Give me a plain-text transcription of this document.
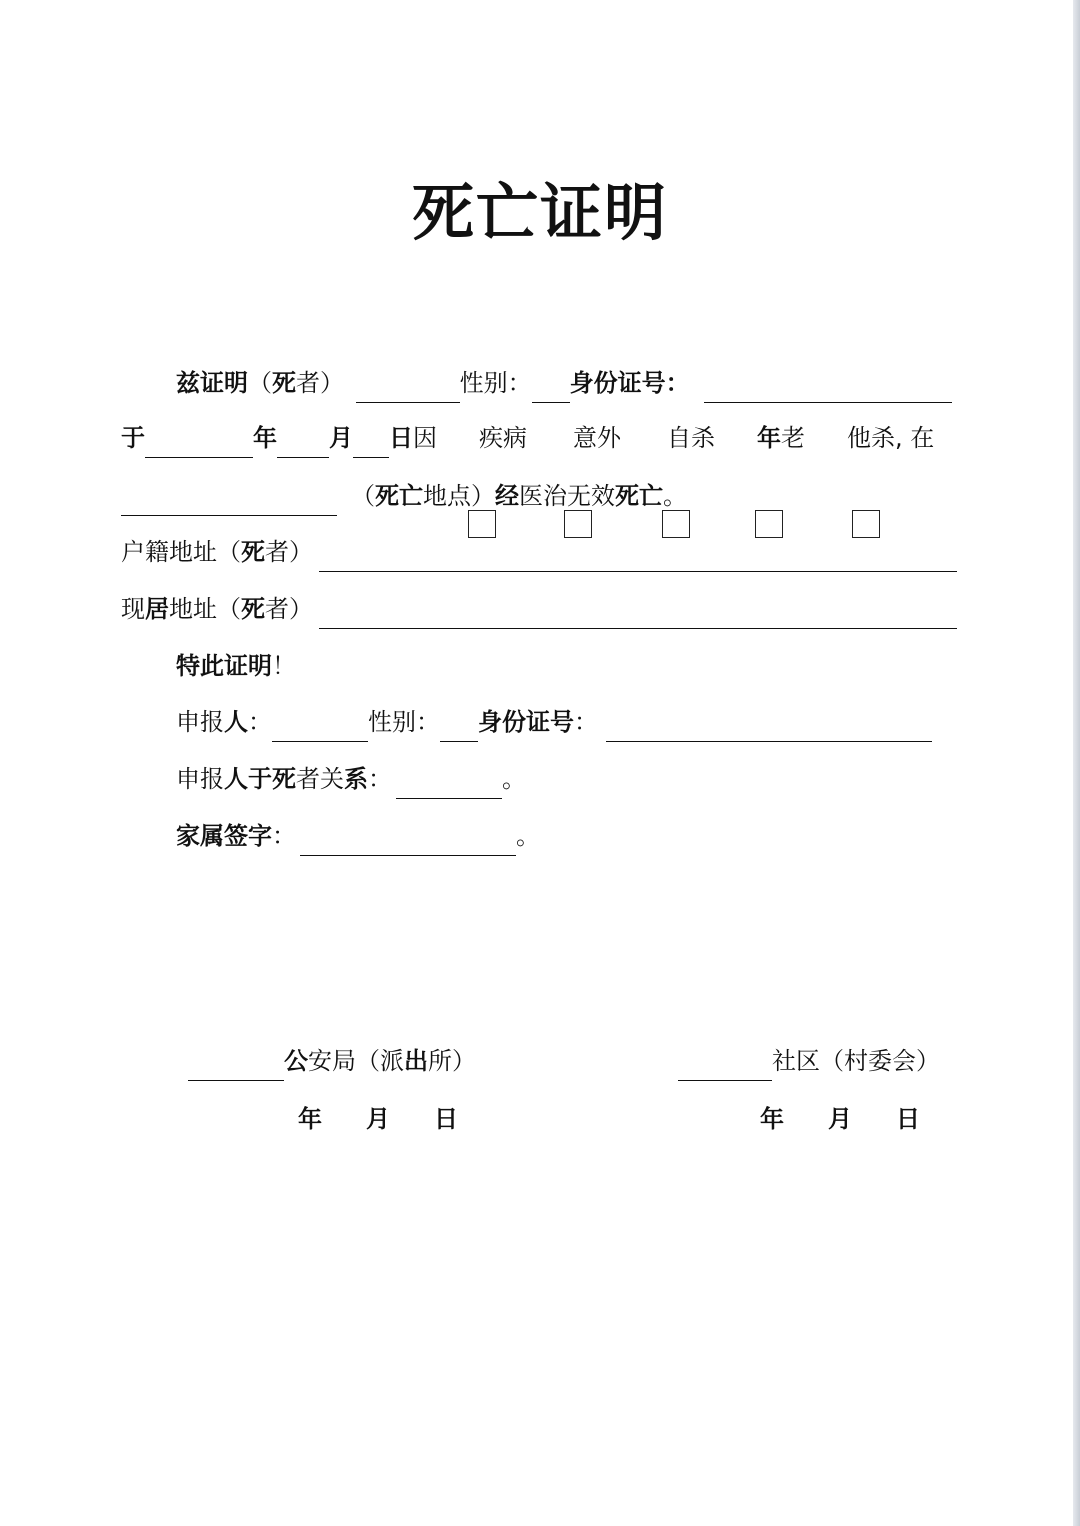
死亡证明
兹证明（死者）	性别： 身份证号：
于	年 月 日因 疾病 意外 自杀 年老 他杀, 在
（死亡地点）经医治无效死亡。
户籍地址（死者）
现居地址（死者）
特此证明！
申报人：	性别： 身份证号：
申报人于死者关系：	。
家属签字：	。
公安局（派出所）	社区（村委会）
年 月 日	年 月 日
